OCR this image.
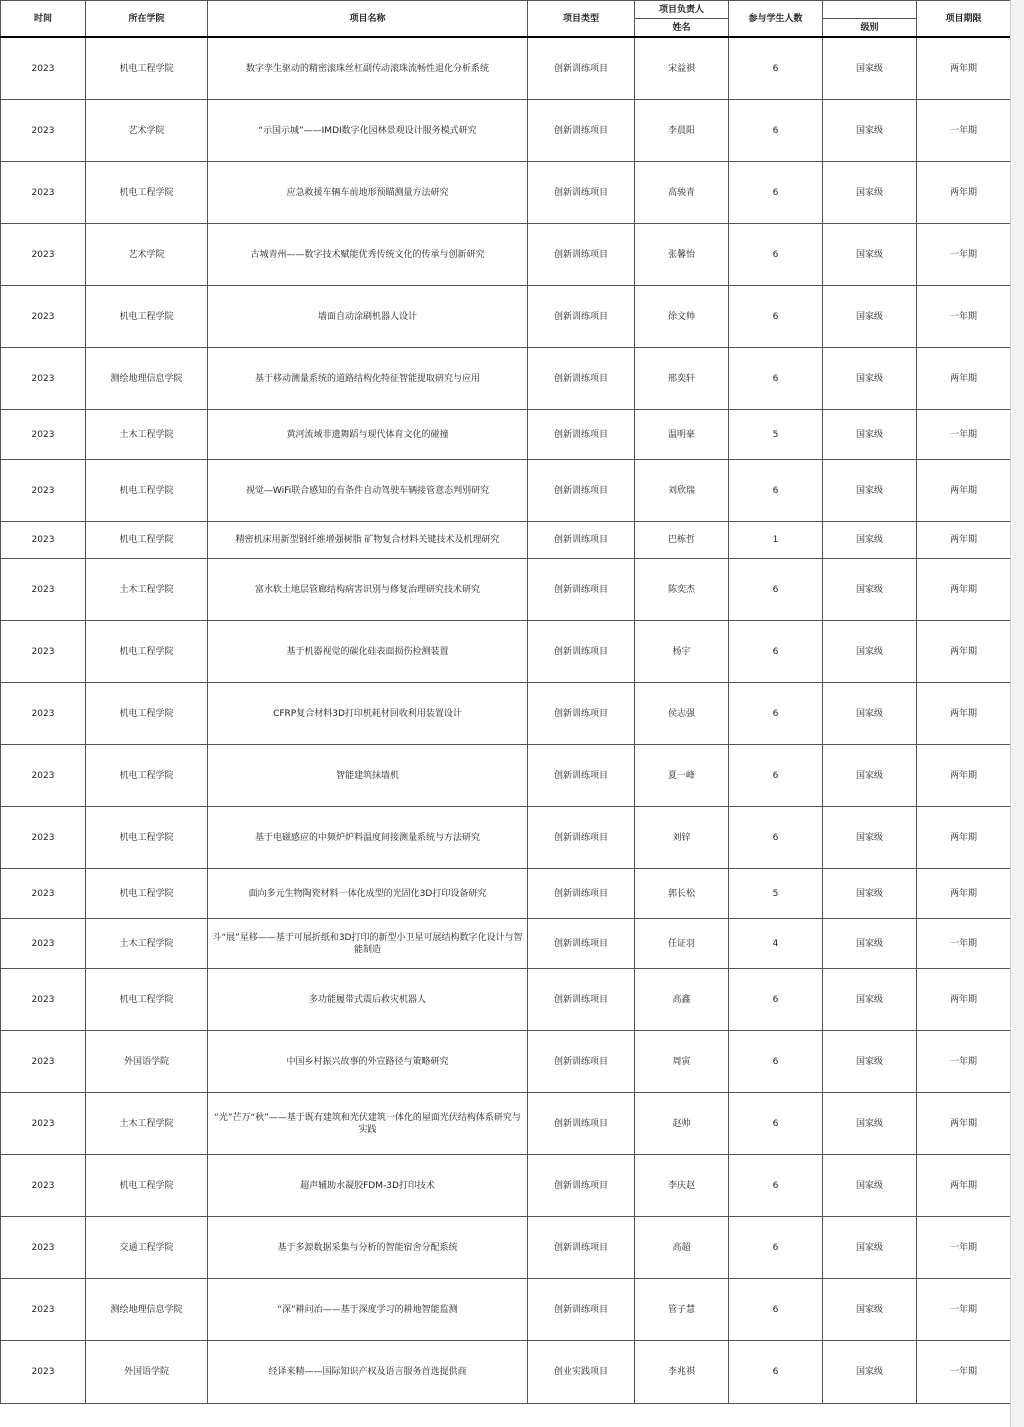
时间	所在学院	项目名称	项目类型	项目负责人	参与学生人数		项目期限
				姓名		级别	
2023	机电工程学院	数字孪生驱动的精密滚珠丝杠副传动滚珠流畅性退化分析系统	创新训练项目	宋益祺	6	国家级	两年期
2023	艺术学院	“示国示城”——IMDI数字化园林景观设计服务模式研究	创新训练项目	李晨阳	6	国家级	一年期
2023	机电工程学院	应急救援车辆车前地形预瞄测量方法研究	创新训练项目	高骏青	6	国家级	两年期
2023	艺术学院	古城青州——数字技术赋能优秀传统文化的传承与创新研究	创新训练项目	张馨怡	6	国家级	一年期
2023	机电工程学院	墙面自动涂刷机器人设计	创新训练项目	徐文帅	6	国家级	一年期
2023	测绘地理信息学院	基于移动测量系统的道路结构化特征智能提取研究与应用	创新训练项目	邢奕轩	6	国家级	两年期
2023	土木工程学院	黄河流域非遗舞蹈与现代体育文化的碰撞	创新训练项目	温明豪	5	国家级	一年期
2023	机电工程学院	视觉—WiFi联合感知的有条件自动驾驶车辆接管意态判别研究	创新训练项目	刘欣瑞	6	国家级	两年期
2023	机电工程学院	精密机床用新型钢纤维增强树脂 矿物复合材料关键技术及机理研究	创新训练项目	巴栋哲	1	国家级	两年期
2023	土木工程学院	富水软土地层管廊结构病害识别与修复治理研究技术研究	创新训练项目	陈奕杰	6	国家级	两年期
2023	机电工程学院	基于机器视觉的碳化硅表面损伤检测装置	创新训练项目	杨宇	6	国家级	两年期
2023	机电工程学院	CFRP复合材料3D打印机耗材回收利用装置设计	创新训练项目	侯志强	6	国家级	两年期
2023	机电工程学院	智能建筑抹墙机	创新训练项目	夏一峰	6	国家级	两年期
2023	机电工程学院	基于电磁感应的中频炉炉料温度间接测量系统与方法研究	创新训练项目	刘锌	6	国家级	两年期
2023	机电工程学院	面向多元生物陶瓷材料一体化成型的光固化3D打印设备研究	创新训练项目	郭长松	5	国家级	两年期
2023	土木工程学院	斗“展”星移——基于可展折纸和3D打印的新型小卫星可展结构数字化设计与智能制造	创新训练项目	任证羽	4	国家级	一年期
2023	机电工程学院	多功能履带式震后救灾机器人	创新训练项目	高鑫	6	国家级	两年期
2023	外国语学院	中国乡村振兴故事的外宣路径与策略研究	创新训练项目	周寅	6	国家级	一年期
2023	土木工程学院	“光”芒万“秋”——基于既有建筑和光伏建筑一体化的屋面光伏结构体系研究与实践	创新训练项目	赵帅	6	国家级	两年期
2023	机电工程学院	超声辅助水凝胶FDM-3D打印技术	创新训练项目	李庆赵	6	国家级	两年期
2023	交通工程学院	基于多源数据采集与分析的智能宿舍分配系统	创新训练项目	高超	6	国家级	一年期
2023	测绘地理信息学院	“深”耕问治——基于深度学习的耕地智能监测	创新训练项目	管子慧	6	国家级	一年期
2023	外国语学院	经译来精——国际知识产权及语言服务首选提供商	创业实践项目	李兆祺	6	国家级	一年期
